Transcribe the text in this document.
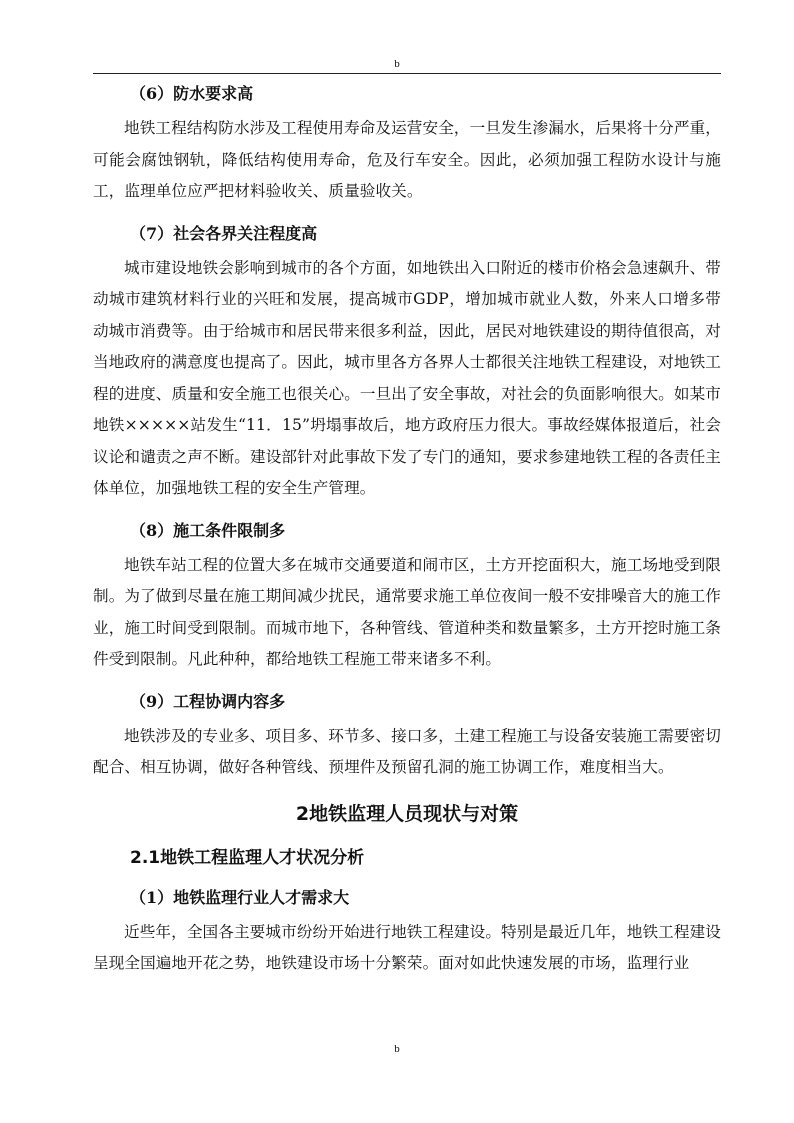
b
（6）防水要求高

地铁工程结构防水涉及工程使用寿命及运营安全，一旦发生渗漏水，后果将十分严重，可能会腐蚀钢轨，降低结构使用寿命，危及行车安全。因此，必须加强工程防水设计与施工，监理单位应严把材料验收关、质量验收关。

（7）社会各界关注程度高

城市建设地铁会影响到城市的各个方面，如地铁出入口附近的楼市价格会急速飙升、带动城市建筑材料行业的兴旺和发展，提高城市GDP，增加城市就业人数，外来人口增多带动城市消费等。由于给城市和居民带来很多利益，因此，居民对地铁建设的期待值很高，对当地政府的满意度也提高了。因此，城市里各方各界人士都很关注地铁工程建设，对地铁工程的进度、质量和安全施工也很关心。一旦出了安全事故，对社会的负面影响很大。如某市地铁×××××站发生“11．15”坍塌事故后，地方政府压力很大。事故经媒体报道后，社会议论和谴责之声不断。建设部针对此事故下发了专门的通知，要求参建地铁工程的各责任主体单位，加强地铁工程的安全生产管理。

（8）施工条件限制多

地铁车站工程的位置大多在城市交通要道和闹市区，土方开挖面积大，施工场地受到限制。为了做到尽量在施工期间减少扰民，通常要求施工单位夜间一般不安排噪音大的施工作业，施工时间受到限制。而城市地下，各种管线、管道种类和数量繁多，土方开挖时施工条件受到限制。凡此种种，都给地铁工程施工带来诸多不利。

（9）工程协调内容多

地铁涉及的专业多、项目多、环节多、接口多，土建工程施工与设备安装施工需要密切配合、相互协调，做好各种管线、预埋件及预留孔洞的施工协调工作，难度相当大。

2地铁监理人员现状与对策
2.1地铁工程监理人才状况分析
（1）地铁监理行业人才需求大

近些年，全国各主要城市纷纷开始进行地铁工程建设。特别是最近几年，地铁工程建设呈现全国遍地开花之势，地铁建设市场十分繁荣。面对如此快速发展的市场，监理行业

b
